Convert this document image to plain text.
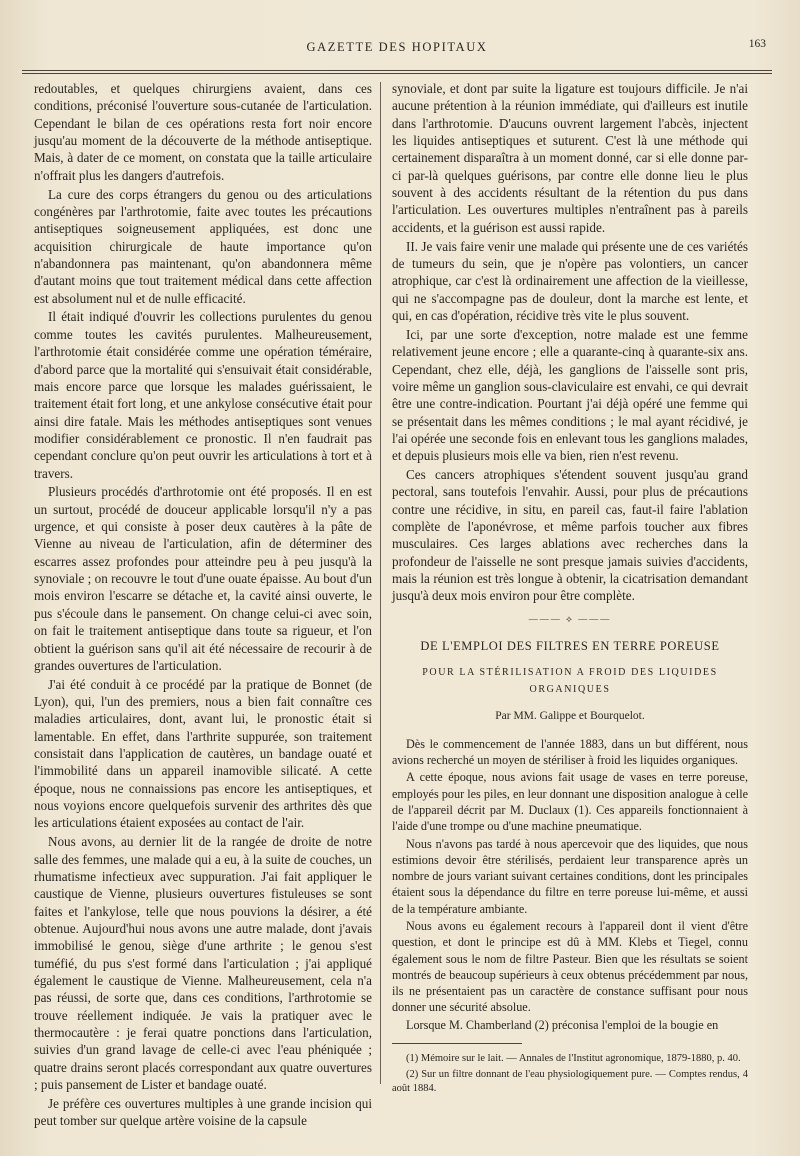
GAZETTE DES HOPITAUX	163

redoutables, et quelques chirurgiens avaient, dans ces conditions, préconisé l'ouverture sous-cutanée de l'articulation. Cependant le bilan de ces opérations resta fort noir encore jusqu'au moment de la découverte de la méthode antiseptique. Mais, à dater de ce moment, on constata que la taille articulaire n'offrait plus les dangers d'autrefois.

La cure des corps étrangers du genou ou des articulations congénères par l'arthrotomie, faite avec toutes les précautions antiseptiques soigneusement appliquées, est donc une acquisition chirurgicale de haute importance qu'on n'abandonnera pas maintenant, qu'on abandonnera même d'autant moins que tout traitement médical dans cette affection est absolument nul et de nulle efficacité.

Il était indiqué d'ouvrir les collections purulentes du genou comme toutes les cavités purulentes. Malheureusement, l'arthrotomie était considérée comme une opération téméraire, d'abord parce que la mortalité qui s'ensuivait était considérable, mais encore parce que lorsque les malades guérissaient, le traitement était fort long, et une ankylose consécutive était pour ainsi dire fatale. Mais les méthodes antiseptiques sont venues modifier considérablement ce pronostic. Il n'en faudrait pas cependant conclure qu'on peut ouvrir les articulations à tort et à travers.

Plusieurs procédés d'arthrotomie ont été proposés. Il en est un surtout, procédé de douceur applicable lorsqu'il n'y a pas urgence, et qui consiste à poser deux cautères à la pâte de Vienne au niveau de l'articulation, afin de déterminer des escarres assez profondes pour atteindre peu à peu jusqu'à la synoviale ; on recouvre le tout d'une ouate épaisse. Au bout d'un mois environ l'escarre se détache et, la cavité ainsi ouverte, le pus s'écoule dans le pansement. On change celui-ci avec soin, on fait le traitement antiseptique dans toute sa rigueur, et l'on obtient la guérison sans qu'il ait été nécessaire de recourir à de grandes ouvertures de l'articulation.

J'ai été conduit à ce procédé par la pratique de Bonnet (de Lyon), qui, l'un des premiers, nous a bien fait connaître ces maladies articulaires, dont, avant lui, le pronostic était si lamentable. En effet, dans l'arthrite suppurée, son traitement consistait dans l'application de cautères, un bandage ouaté et l'immobilité dans un appareil inamovible silicaté. A cette époque, nous ne connaissions pas encore les antiseptiques, et nous voyions encore quelquefois survenir des arthrites dès que les articulations étaient exposées au contact de l'air.

Nous avons, au dernier lit de la rangée de droite de notre salle des femmes, une malade qui a eu, à la suite de couches, un rhumatisme infectieux avec suppuration. J'ai fait appliquer le caustique de Vienne, plusieurs ouvertures fistuleuses se sont faites et l'ankylose, telle que nous pouvions la désirer, a été obtenue. Aujourd'hui nous avons une autre malade, dont j'avais immobilisé le genou, siège d'une arthrite ; le genou s'est tuméfié, du pus s'est formé dans l'articulation ; j'ai appliqué également le caustique de Vienne. Malheureusement, cela n'a pas réussi, de sorte que, dans ces conditions, l'arthrotomie se trouve réellement indiquée. Je vais la pratiquer avec le thermocautère : je ferai quatre ponctions dans l'articulation, suivies d'un grand lavage de celle-ci avec l'eau phéniquée ; quatre drains seront placés correspondant aux quatre ouvertures ; puis pansement de Lister et bandage ouaté.

Je préfère ces ouvertures multiples à une grande incision qui peut tomber sur quelque artère voisine de la capsule

synoviale, et dont par suite la ligature est toujours difficile. Je n'ai aucune prétention à la réunion immédiate, qui d'ailleurs est inutile dans l'arthrotomie. D'aucuns ouvrent largement l'abcès, injectent les liquides antiseptiques et suturent. C'est là une méthode qui certainement disparaîtra à un moment donné, car si elle donne par-ci par-là quelques guérisons, par contre elle donne lieu le plus souvent à des accidents résultant de la rétention du pus dans l'articulation. Les ouvertures multiples n'entraînent pas à pareils accidents, et la guérison est aussi rapide.

II. Je vais faire venir une malade qui présente une de ces variétés de tumeurs du sein, que je n'opère pas volontiers, un cancer atrophique, car c'est là ordinairement une affection de la vieillesse, qui ne s'accompagne pas de douleur, dont la marche est lente, et qui, en cas d'opération, récidive très vite le plus souvent.

Ici, par une sorte d'exception, notre malade est une femme relativement jeune encore ; elle a quarante-cinq à quarante-six ans. Cependant, chez elle, déjà, les ganglions de l'aisselle sont pris, voire même un ganglion sous-claviculaire est envahi, ce qui devrait être une contre-indication. Pourtant j'ai déjà opéré une femme qui se présentait dans les mêmes conditions ; le mal ayant récidivé, je l'ai opérée une seconde fois en enlevant tous les ganglions malades, et depuis plusieurs mois elle va bien, rien n'est revenu.

Ces cancers atrophiques s'étendent souvent jusqu'au grand pectoral, sans toutefois l'envahir. Aussi, pour plus de précautions contre une récidive, in situ, en pareil cas, faut-il faire l'ablation complète de l'aponévrose, et même parfois toucher aux fibres musculaires. Ces larges ablations avec recherches dans la profondeur de l'aisselle ne sont presque jamais suivies d'accidents, mais la réunion est très longue à obtenir, la cicatrisation demandant jusqu'à deux mois environ pour être complète.

——— ⟡ ———
DE L'EMPLOI DES FILTRES EN TERRE POREUSE
POUR LA STÉRILISATION A FROID DES LIQUIDES ORGANIQUES
Par MM. Galippe et Bourquelot.

Dès le commencement de l'année 1883, dans un but différent, nous avions recherché un moyen de stériliser à froid les liquides organiques.

A cette époque, nous avions fait usage de vases en terre poreuse, employés pour les piles, en leur donnant une disposition analogue à celle de l'appareil décrit par M. Duclaux (1). Ces appareils fonctionnaient à l'aide d'une trompe ou d'une machine pneumatique.

Nous n'avons pas tardé à nous apercevoir que des liquides, que nous estimions devoir être stérilisés, perdaient leur transparence après un nombre de jours variant suivant certaines conditions, dont les principales étaient sous la dépendance du filtre en terre poreuse lui-même, et aussi de la température ambiante.

Nous avons eu également recours à l'appareil dont il vient d'être question, et dont le principe est dû à MM. Klebs et Tiegel, connu également sous le nom de filtre Pasteur. Bien que les résultats se soient montrés de beaucoup supérieurs à ceux obtenus précédemment par nous, ils ne présentaient pas un caractère de constance suffisant pour nous donner une sécurité absolue.

Lorsque M. Chamberland (2) préconisa l'emploi de la bougie en

(1) Mémoire sur le lait. — Annales de l'Institut agronomique, 1879-1880, p. 40.

(2) Sur un filtre donnant de l'eau physiologiquement pure. — Comptes rendus, 4 août 1884.
